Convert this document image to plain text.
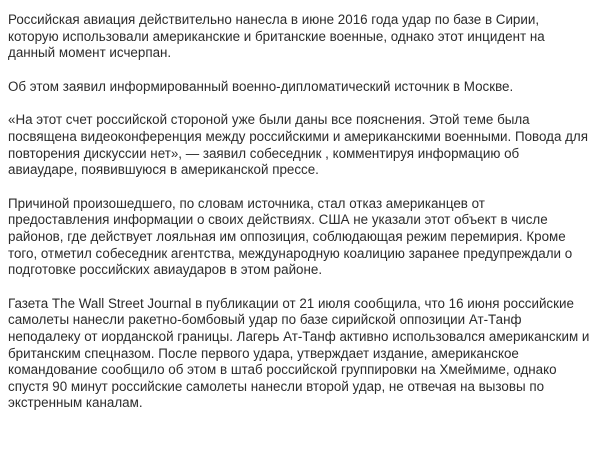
Российская авиация действительно нанесла в июне 2016 года удар по базе в Сирии, которую использовали американские и британские военные, однако этот инцидент на данный момент исчерпан.

Об этом заявил информированный военно-дипломатический источник в Москве.

«На этот счет российской стороной уже были даны все пояснения. Этой теме была посвящена видеоконференция между российскими и американскими военными. Повода для повторения дискуссии нет», — заявил собеседник , комментируя информацию об авиаударе, появившуюся в американской прессе.

Причиной произошедшего, по словам источника, стал отказ американцев от предоставления информации о своих действиях. США не указали этот объект в числе районов, где действует лояльная им оппозиция, соблюдающая режим перемирия. Кроме того, отметил собеседник агентства, международную коалицию заранее предупреждали о подготовке российских авиаударов в этом районе.

Газета The Wall Street Journal в публикации от 21 июля сообщила, что 16 июня российские самолеты нанесли ракетно-бомбовый удар по базе сирийской оппозиции Ат-Танф неподалеку от иорданской границы. Лагерь Ат-Танф активно использовался американским и британским спецназом. После первого удара, утверждает издание, американское командование сообщило об этом в штаб российской группировки на Хмеймиме, однако спустя 90 минут российские самолеты нанесли второй удар, не отвечая на вызовы по экстренным каналам.
